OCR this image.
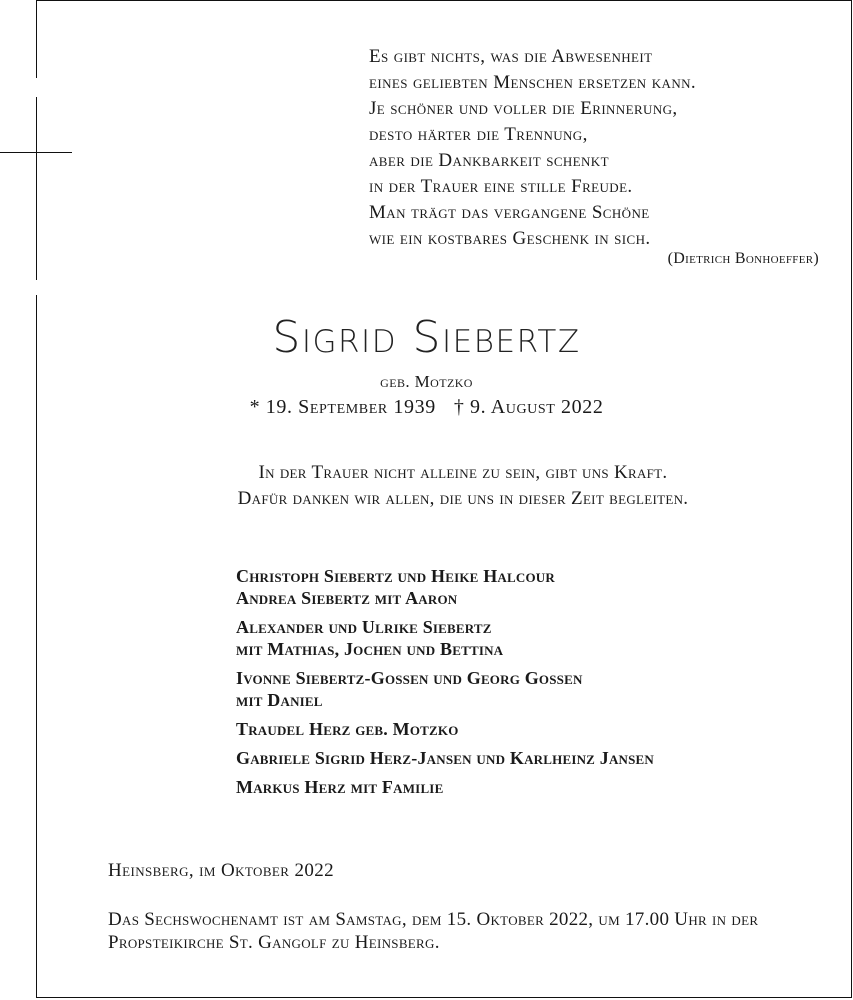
Es gibt nichts, was die Abwesenheit
eines geliebten Menschen ersetzen kann.
Je schöner und voller die Erinnerung,
desto härter die Trennung,
aber die Dankbarkeit schenkt
in der Trauer eine stille Freude.
Man trägt das vergangene Schöne
wie ein kostbares Geschenk in sich.
(Dietrich Bonhoeffer)
Sigrid Siebertz
geb. Motzko
* 19. September 1939 † 9. August 2022
In der Trauer nicht alleine zu sein, gibt uns Kraft.
Dafür danken wir allen, die uns in dieser Zeit begleiten.
Christoph Siebertz und Heike Halcour
Andrea Siebertz mit Aaron
Alexander und Ulrike Siebertz
mit Mathias, Jochen und Bettina
Ivonne Siebertz-Gossen und Georg Gossen
mit Daniel
Traudel Herz geb. Motzko
Gabriele Sigrid Herz-Jansen und Karlheinz Jansen
Markus Herz mit Familie
Heinsberg, im Oktober 2022
Das Sechswochenamt ist am Samstag, dem 15. Oktober 2022, um 17.00 Uhr in der Propsteikirche St. Gangolf zu Heinsberg.
